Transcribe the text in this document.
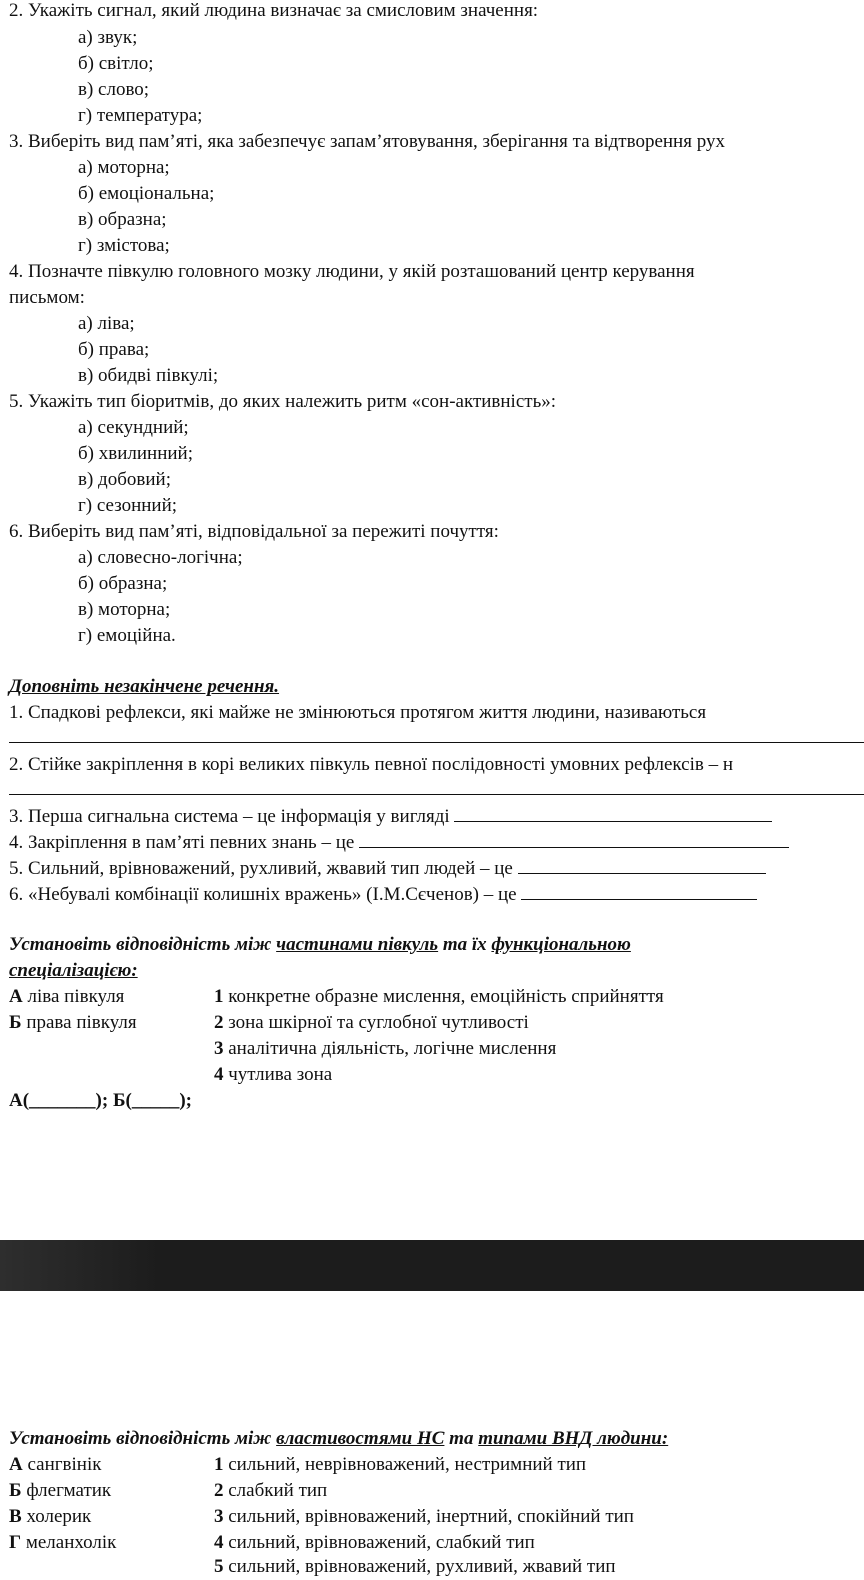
2. Укажіть сигнал, який людина визначає за смисловим значення:
а) звук;
б) світло;
в) слово;
г) температура;
3. Виберіть вид пам’яті, яка забезпечує запам’ятовування, зберігання та відтворення рух
а) моторна;
б) емоціональна;
в) образна;
г) змістова;
4. Позначте півкулю головного мозку людини, у якій розташований центр керування
письмом:
а) ліва;
б) права;
в) обидві півкулі;
5. Укажіть тип біоритмів, до яких належить ритм «сон-активність»:
а) секундний;
б) хвилинний;
в) добовий;
г) сезонний;
6. Виберіть вид пам’яті, відповідальної за пережиті почуття:
а) словесно-логічна;
б) образна;
в) моторна;
г) емоційна.
Доповніть незакінчене речення.
1. Спадкові рефлекси, які майже не змінюються протягом життя людини, називаються
2. Стійке закріплення в корі великих півкуль певної послідовності умовних рефлексів – н
3. Перша сигнальна система – це інформація у вигляді
4. Закріплення в пам’яті певних знань – це
5. Сильний, врівноважений, рухливий, жвавий тип людей – це
6. «Небувалі комбінації колишніх вражень» (І.М.Сєченов) – це
Установіть відповідність між частинами півкуль та їх функціональною
спеціалізацією:
А ліва півкуля
Б права півкуля
1 конкретне образне мислення, емоційність сприйняття
2 зона шкірної та суглобної чутливості
3 аналітична діяльність, логічне мислення
4 чутлива зона
А(_______); Б(_____);
Установіть відповідність між властивостями НС та типами ВНД людини:
А сангвінік
Б флегматик
В холерик
Г меланхолік
1 сильний, неврівноважений, нестримний тип
2 слабкий тип
3 сильний, врівноважений, інертний, спокійний тип
4 сильний, врівноважений, слабкий тип
5 сильний, врівноважений, рухливий, жвавий тип
